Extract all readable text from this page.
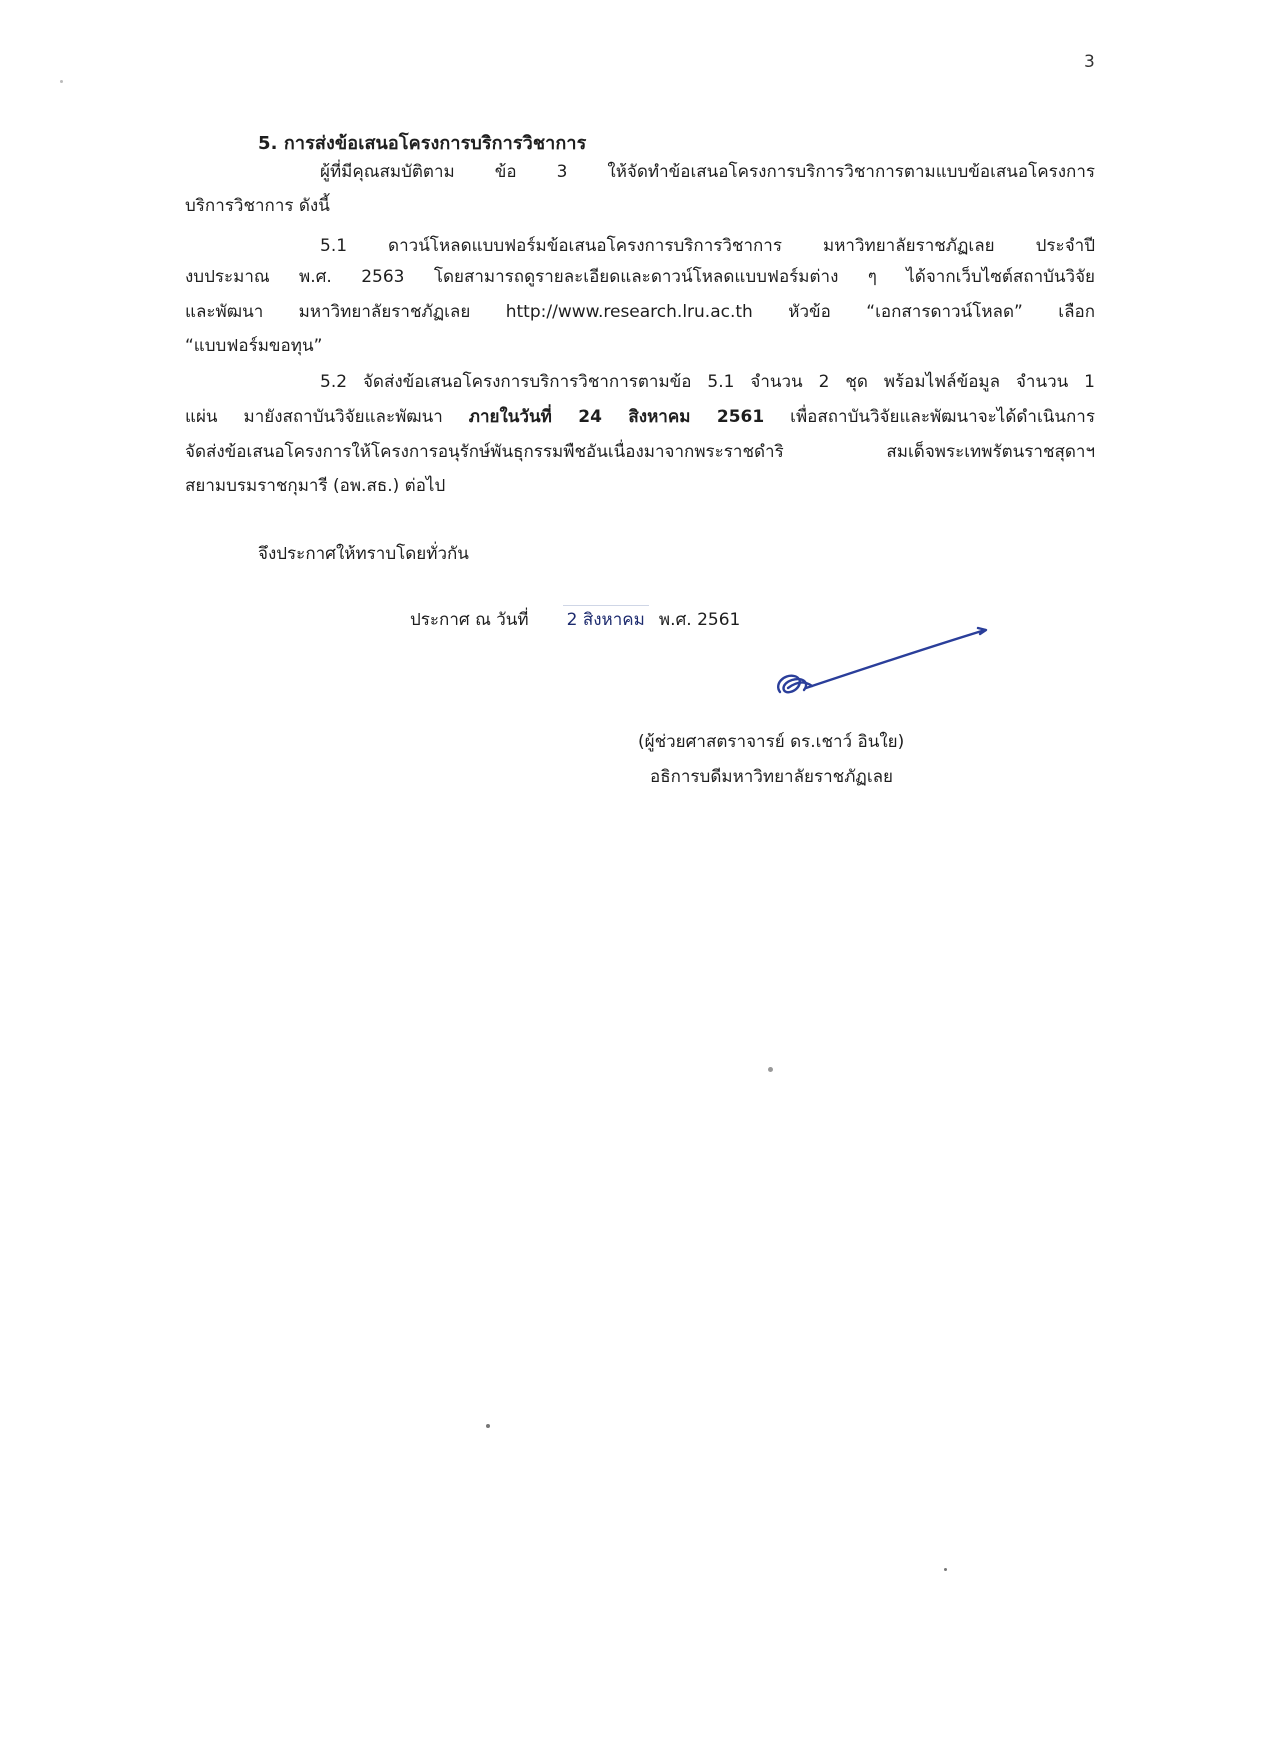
3
5. การส่งข้อเสนอโครงการบริการวิชาการ
ผู้ที่มีคุณสมบัติตาม ข้อ 3 ให้จัดทำข้อเสนอโครงการบริการวิชาการตามแบบข้อเสนอโครงการ
บริการวิชาการ ดังนี้
5.1 ดาวน์โหลดแบบฟอร์มข้อเสนอโครงการบริการวิชาการ มหาวิทยาลัยราชภัฏเลย ประจำปี
งบประมาณ พ.ศ. 2563 โดยสามารถดูรายละเอียดและดาวน์โหลดแบบฟอร์มต่าง ๆ ได้จากเว็บไซต์สถาบันวิจัย
และพัฒนา มหาวิทยาลัยราชภัฏเลย http://www.research.lru.ac.th หัวข้อ “เอกสารดาวน์โหลด” เลือก
“แบบฟอร์มขอทุน”
5.2 จัดส่งข้อเสนอโครงการบริการวิชาการตามข้อ 5.1 จำนวน 2 ชุด พร้อมไฟล์ข้อมูล จำนวน 1
แผ่น มายังสถาบันวิจัยและพัฒนา ภายในวันที่ 24 สิงหาคม 2561 เพื่อสถาบันวิจัยและพัฒนาจะได้ดำเนินการ
จัดส่งข้อเสนอโครงการให้โครงการอนุรักษ์พันธุกรรมพืชอันเนื่องมาจากพระราชดำริ สมเด็จพระเทพรัตนราชสุดาฯ
สยามบรมราชกุมารี (อพ.สธ.) ต่อไป
จึงประกาศให้ทราบโดยทั่วกัน
ประกาศ ณ วันที่ 2 สิงหาคม พ.ศ. 2561
(ผู้ช่วยศาสตราจารย์ ดร.เชาว์ อินใย)
อธิการบดีมหาวิทยาลัยราชภัฏเลย
